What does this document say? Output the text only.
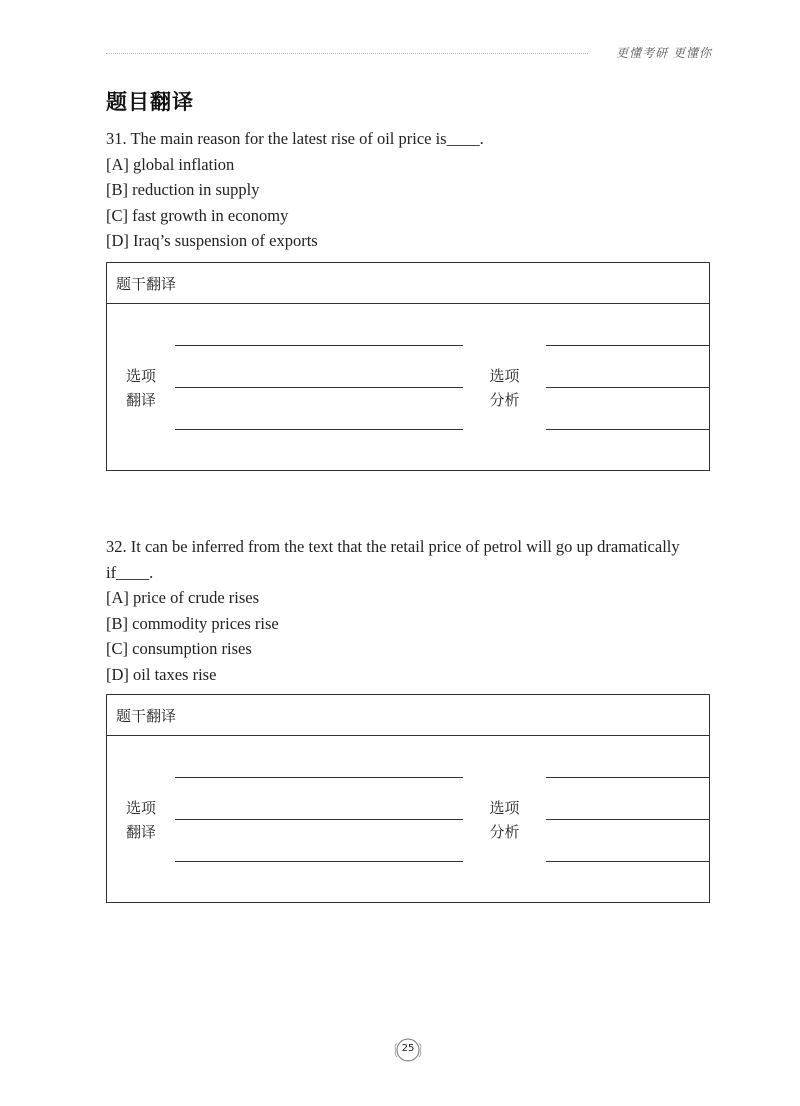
更懂考研 更懂你
题目翻译

31. The main reason for the latest rise of oil price is____.

[A] global inflation

[B] reduction in supply

[C] fast growth in economy

[D] Iraq’s suspension of exports

题干翻译
选项
翻译
选项
分析

32. It can be inferred from the text that the retail price of petrol will go up dramatically

if____.

[A] price of crude rises

[B] commodity prices rise

[C] consumption rises

[D] oil taxes rise

题干翻译
选项
翻译
选项
分析
25
